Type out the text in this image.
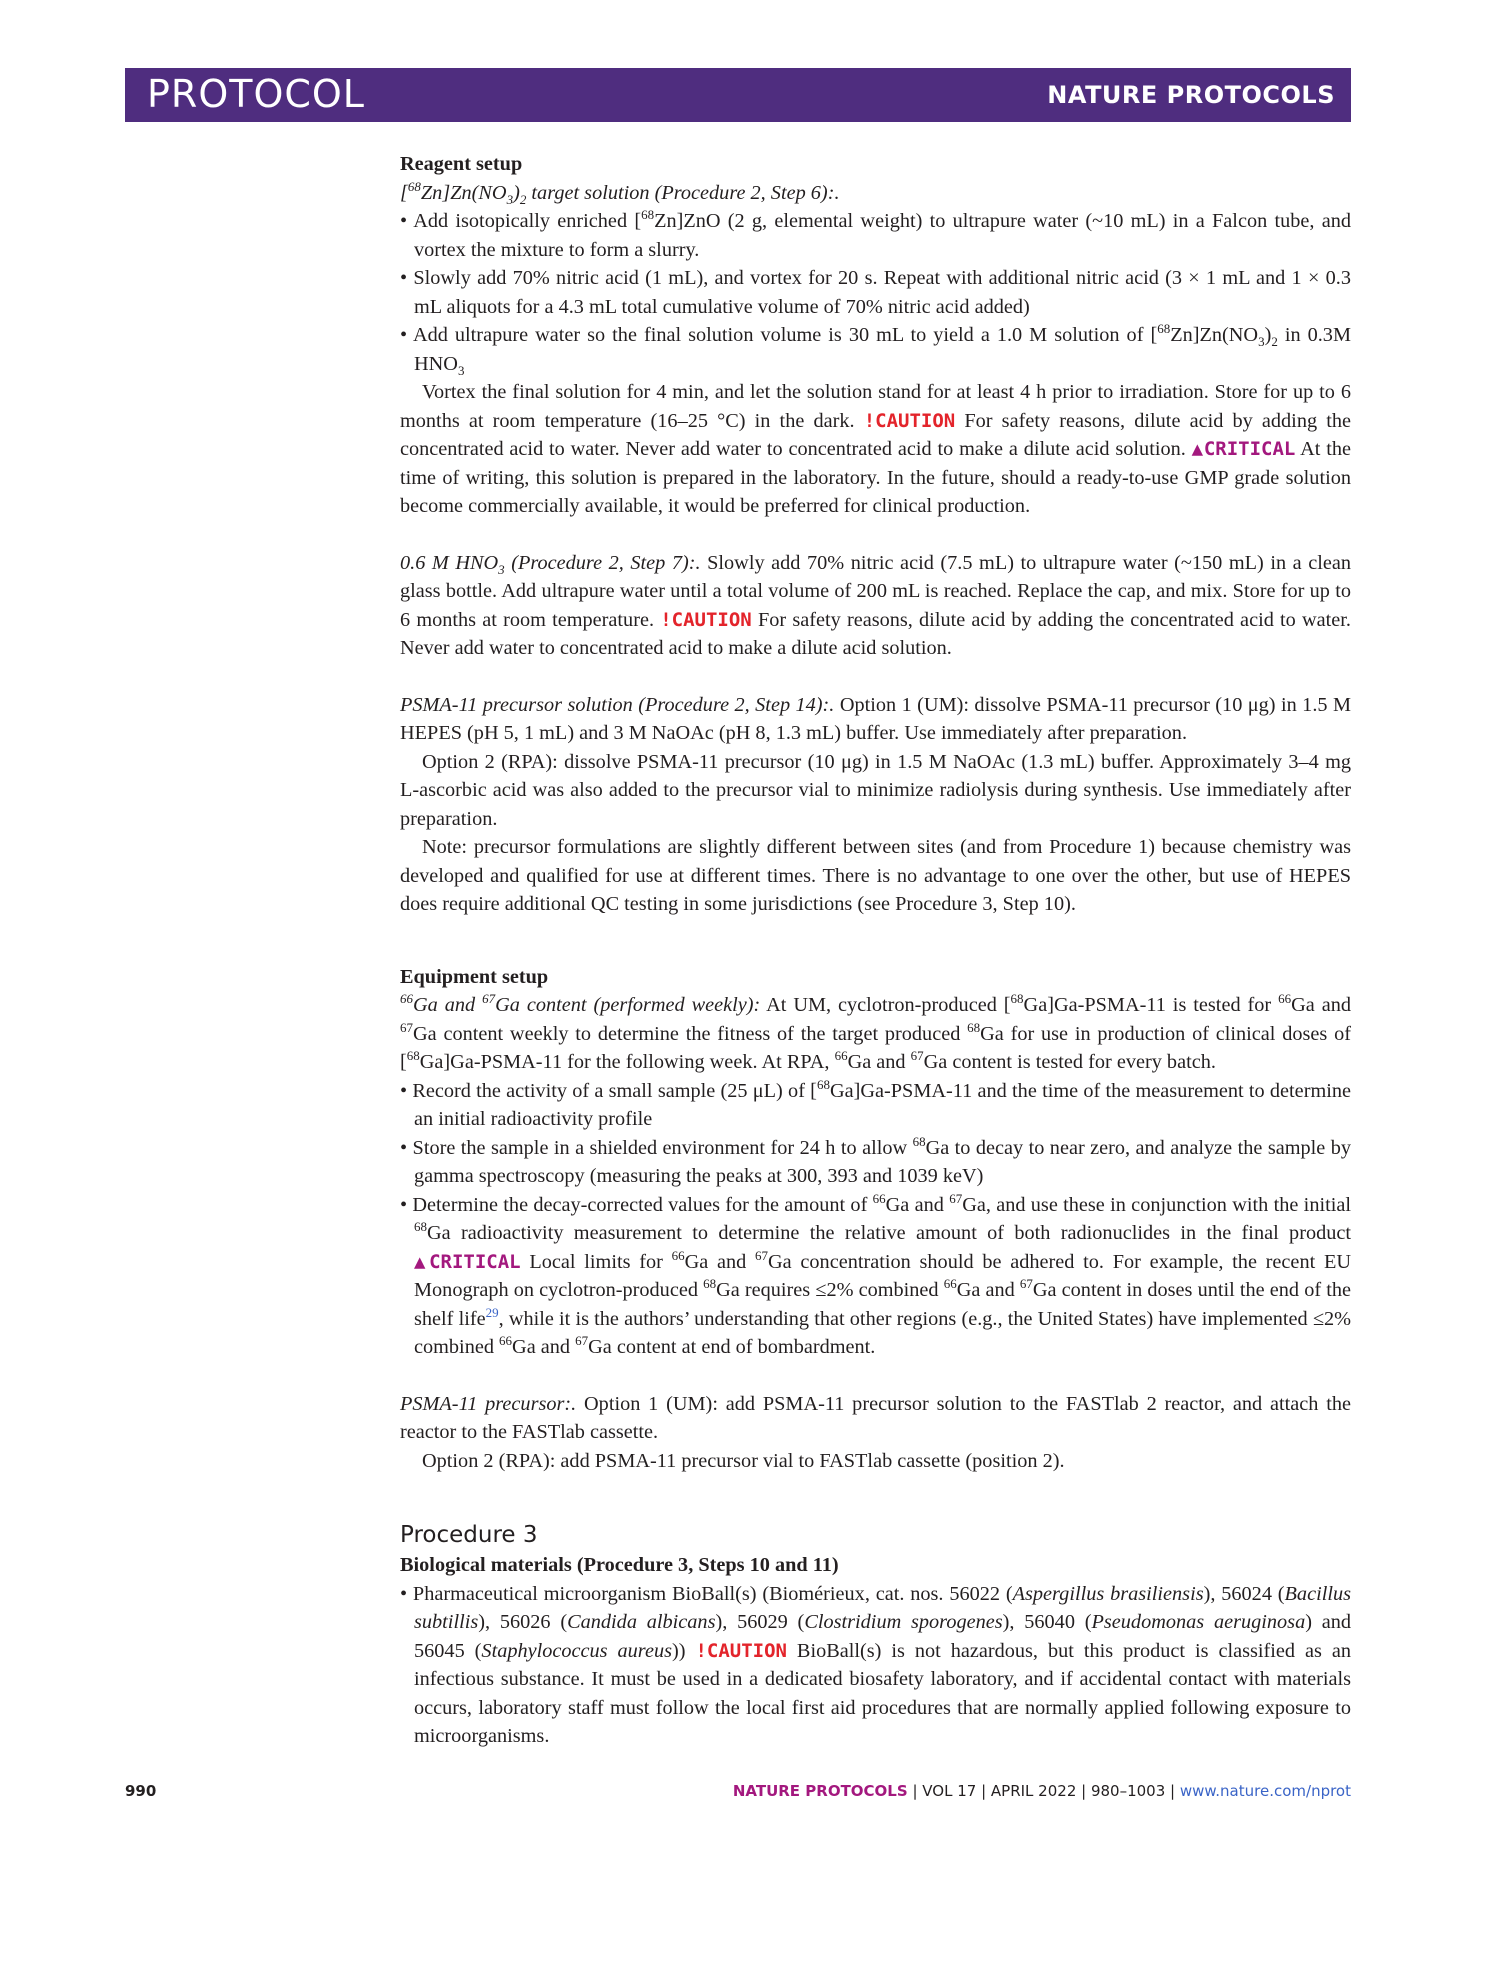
PROTOCOL	NATURE PROTOCOLS

Reagent setup

$[^{68}Zn]Zn(NO_3)_2$ target solution (Procedure 2, Step 6):.

• Add isotopically enriched [$^{68}$Zn]ZnO (2 g, elemental weight) to ultrapure water (~10 mL) in a Falcon tube, and vortex the mixture to form a slurry.

• Slowly add 70% nitric acid (1 mL), and vortex for 20 s. Repeat with additional nitric acid (3 × 1 mL and 1 × 0.3 mL aliquots for a 4.3 mL total cumulative volume of 70% nitric acid added)

• Add ultrapure water so the final solution volume is 30 mL to yield a 1.0 M solution of $[^{68}Zn]Zn(NO_3)_2$ in 0.3M $HNO_3$

Vortex the final solution for 4 min, and let the solution stand for at least 4 h prior to irradiation. Store for up to 6 months at room temperature (16–25 °C) in the dark. !CAUTION For safety reasons, dilute acid by adding the concentrated acid to water. Never add water to concentrated acid to make a dilute acid solution. ▲CRITICAL At the time of writing, this solution is prepared in the laboratory. In the future, should a ready-to-use GMP grade solution become commercially available, it would be preferred for clinical production.

0.6 M $HNO_3$ (Procedure 2, Step 7):. Slowly add 70% nitric acid (7.5 mL) to ultrapure water (~150 mL) in a clean glass bottle. Add ultrapure water until a total volume of 200 mL is reached. Replace the cap, and mix. Store for up to 6 months at room temperature. !CAUTION For safety reasons, dilute acid by adding the concentrated acid to water. Never add water to concentrated acid to make a dilute acid solution.

PSMA-11 precursor solution (Procedure 2, Step 14):. Option 1 (UM): dissolve PSMA-11 precursor (10 μg) in 1.5 M HEPES (pH 5, 1 mL) and 3 M NaOAc (pH 8, 1.3 mL) buffer. Use immediately after preparation.

Option 2 (RPA): dissolve PSMA-11 precursor (10 μg) in 1.5 M NaOAc (1.3 mL) buffer. Approximately 3–4 mg L-ascorbic acid was also added to the precursor vial to minimize radiolysis during synthesis. Use immediately after preparation.

Note: precursor formulations are slightly different between sites (and from Procedure 1) because chemistry was developed and qualified for use at different times. There is no advantage to one over the other, but use of HEPES does require additional QC testing in some jurisdictions (see Procedure 3, Step 10).

Equipment setup

$^{66}$Ga and $^{67}$Ga content (performed weekly): At UM, cyclotron-produced [$^{68}$Ga]Ga-PSMA-11 is tested for $^{66}$Ga and $^{67}$Ga content weekly to determine the fitness of the target produced $^{68}$Ga for use in production of clinical doses of [$^{68}$Ga]Ga-PSMA-11 for the following week. At RPA, $^{66}$Ga and $^{67}$Ga content is tested for every batch.

• Record the activity of a small sample (25 μL) of [$^{68}$Ga]Ga-PSMA-11 and the time of the measurement to determine an initial radioactivity profile

• Store the sample in a shielded environment for 24 h to allow $^{68}$Ga to decay to near zero, and analyze the sample by gamma spectroscopy (measuring the peaks at 300, 393 and 1039 keV)

• Determine the decay-corrected values for the amount of $^{66}$Ga and $^{67}$Ga, and use these in conjunction with the initial $^{68}$Ga radioactivity measurement to determine the relative amount of both radionuclides in the final product ▲CRITICAL Local limits for $^{66}$Ga and $^{67}$Ga concentration should be adhered to. For example, the recent EU Monograph on cyclotron-produced $^{68}$Ga requires ≤2% combined $^{66}$Ga and $^{67}$Ga content in doses until the end of the shelf life$^{29}$, while it is the authors’ understanding that other regions (e.g., the United States) have implemented ≤2% combined $^{66}$Ga and $^{67}$Ga content at end of bombardment.

PSMA-11 precursor:. Option 1 (UM): add PSMA-11 precursor solution to the FASTlab 2 reactor, and attach the reactor to the FASTlab cassette.

Option 2 (RPA): add PSMA-11 precursor vial to FASTlab cassette (position 2).

Procedure 3

Biological materials (Procedure 3, Steps 10 and 11)

• Pharmaceutical microorganism BioBall(s) (Biomérieux, cat. nos. 56022 (Aspergillus brasiliensis), 56024 (Bacillus subtillis), 56026 (Candida albicans), 56029 (Clostridium sporogenes), 56040 (Pseudomonas aeruginosa) and 56045 (Staphylococcus aureus)) !CAUTION BioBall(s) is not hazardous, but this product is classified as an infectious substance. It must be used in a dedicated biosafety laboratory, and if accidental contact with materials occurs, laboratory staff must follow the local first aid procedures that are normally applied following exposure to microorganisms.

990	NATURE PROTOCOLS | VOL 17 | APRIL 2022 | 980–1003 | www.nature.com/nprot
